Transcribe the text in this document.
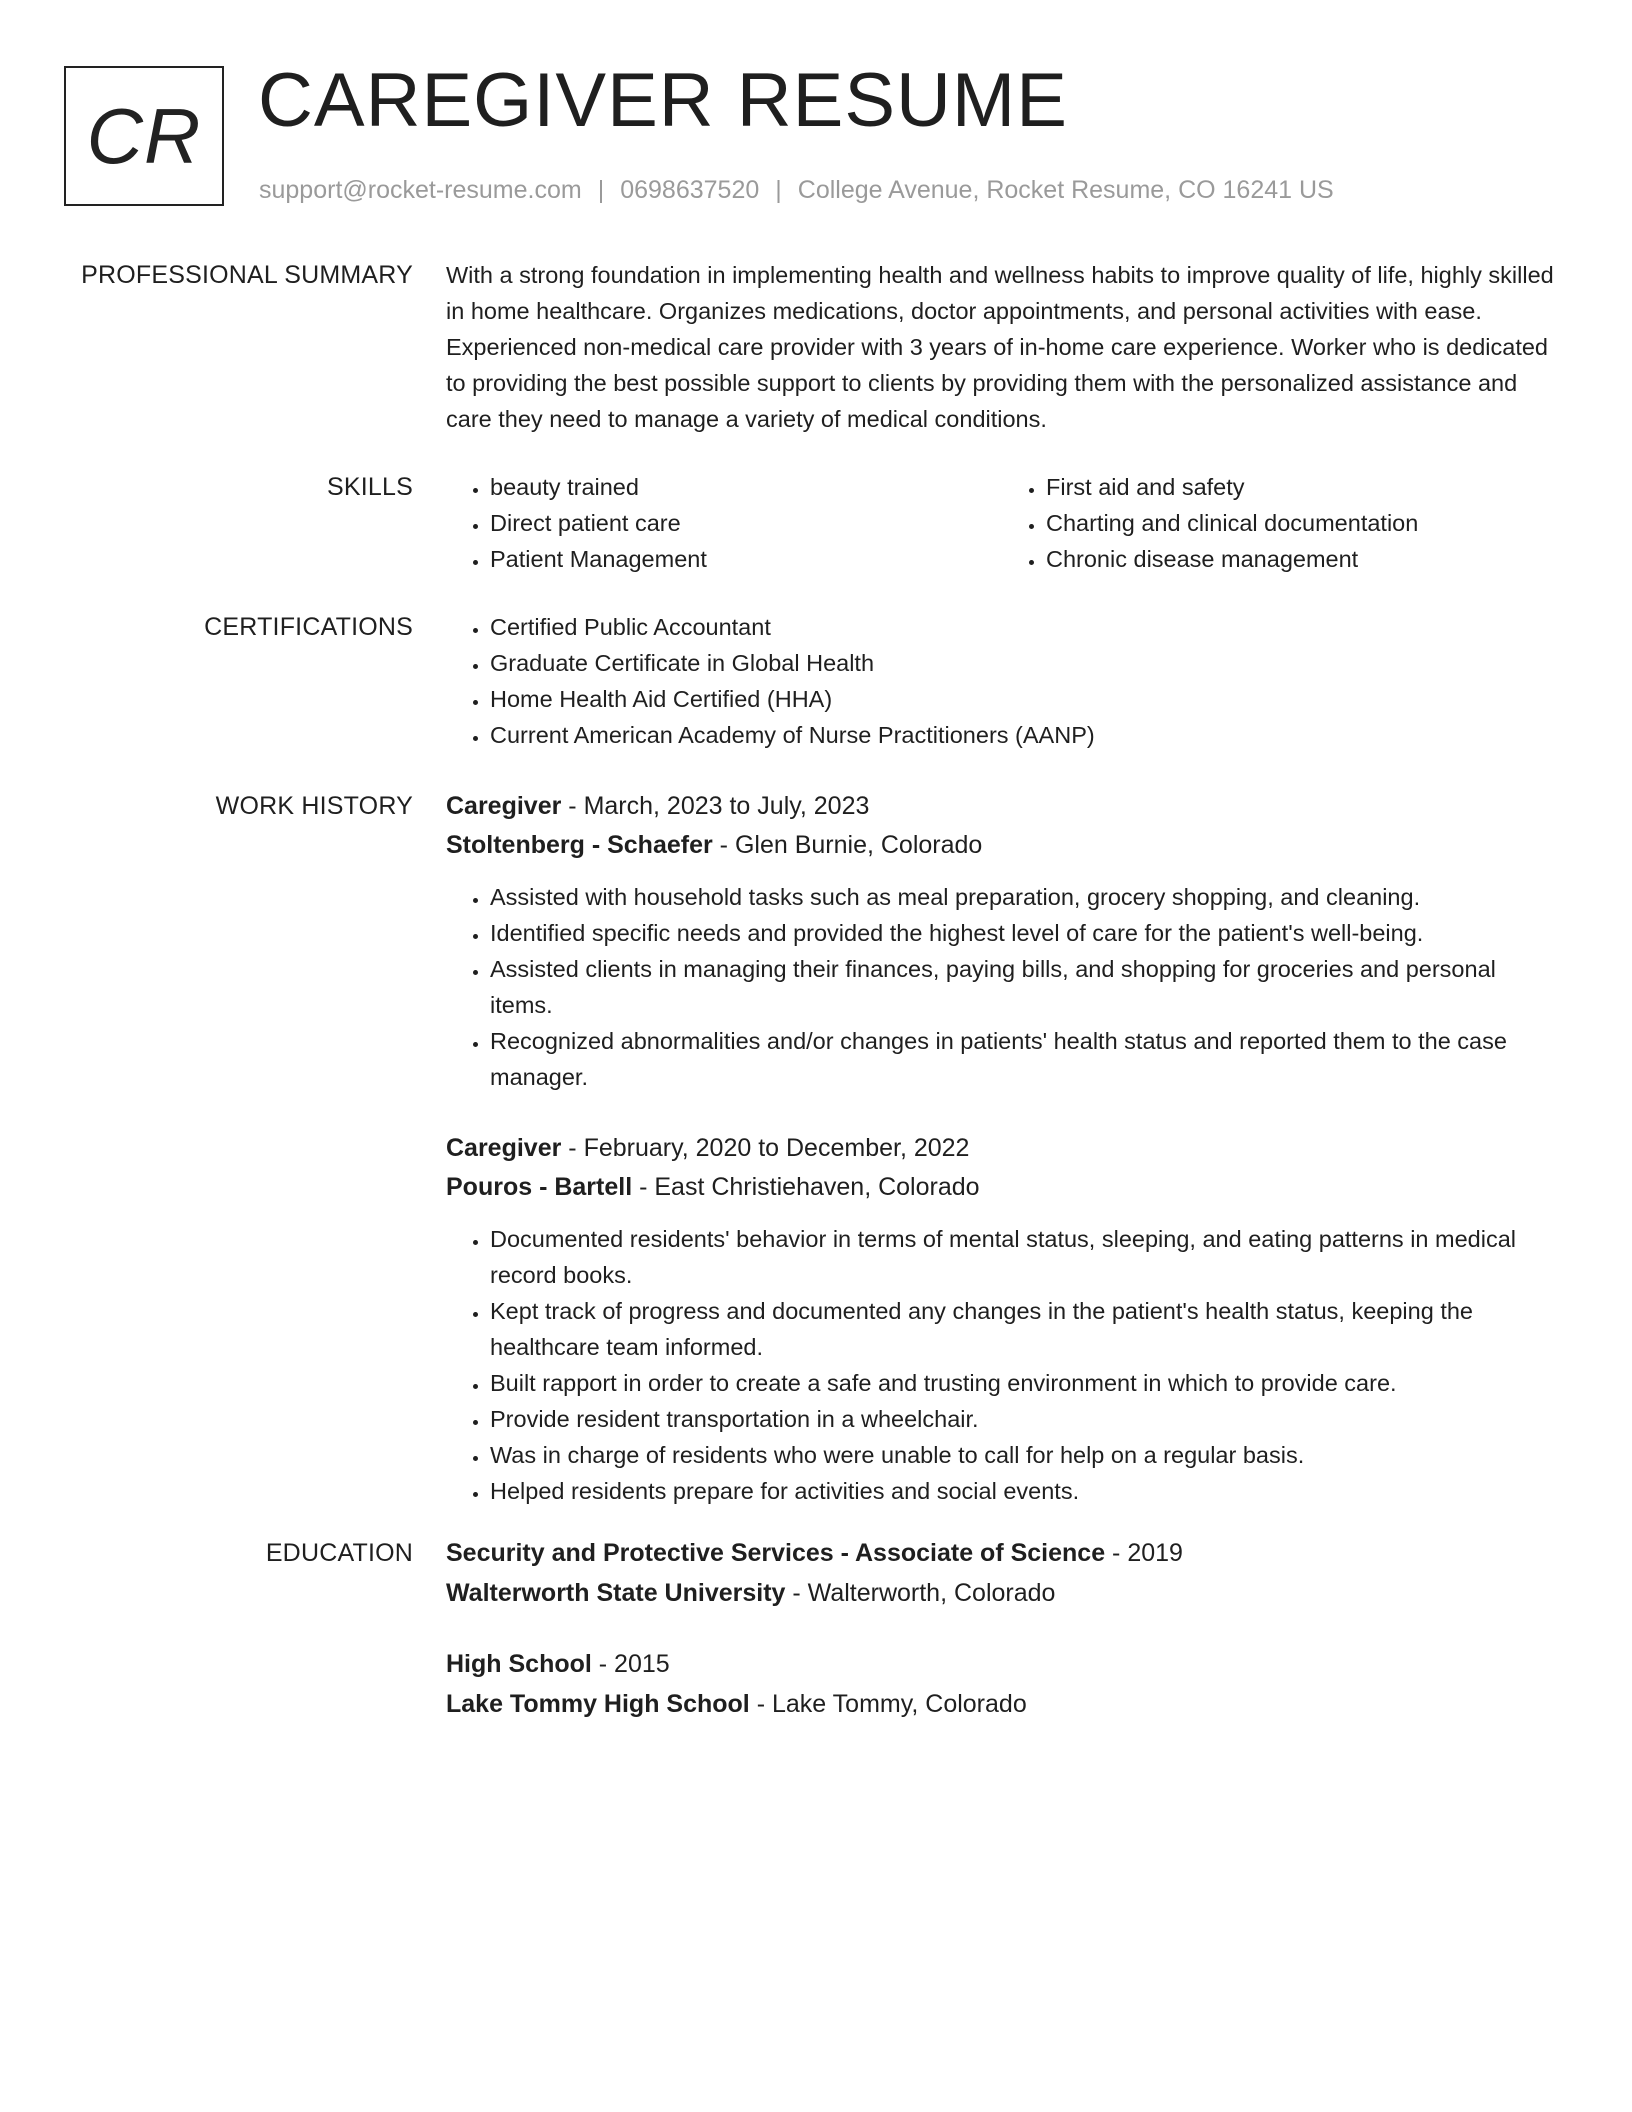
CR CAREGIVER RESUME
support@rocket-resume.com | 0698637520 | College Avenue, Rocket Resume, CO 16241 US
PROFESSIONAL SUMMARY With a strong foundation in implementing health and wellness habits to improve quality of life, highly skilled in home healthcare. Organizes medications, doctor appointments, and personal activities with ease. Experienced non-medical care provider with 3 years of in-home care experience. Worker who is dedicated to providing the best possible support to clients by providing them with the personalized assistance and care they need to manage a variety of medical conditions.

SKILLS	• beauty trained
• Direct patient care
• Patient Management
• First aid and safety
• Charting and clinical documentation
• Chronic disease management
CERTIFICATIONS	• Certified Public Accountant
• Graduate Certificate in Global Health
• Home Health Aid Certified (HHA)
• Current American Academy of Nurse Practitioners (AANP)
WORK HISTORY Caregiver - March, 2023 to July, 2023
Stoltenberg - Schaefer - Glen Burnie, Colorado
• Assisted with household tasks such as meal preparation, grocery shopping, and cleaning.
• Identified specific needs and provided the highest level of care for the patient's well-being.
• Assisted clients in managing their finances, paying bills, and shopping for groceries and personal items.
• Recognized abnormalities and/or changes in patients' health status and reported them to the case manager.
Caregiver - February, 2020 to December, 2022
Pouros - Bartell - East Christiehaven, Colorado
• Documented residents' behavior in terms of mental status, sleeping, and eating patterns in medical record books.
• Kept track of progress and documented any changes in the patient's health status, keeping the healthcare team informed.
• Built rapport in order to create a safe and trusting environment in which to provide care.
• Provide resident transportation in a wheelchair.
• Was in charge of residents who were unable to call for help on a regular basis.
• Helped residents prepare for activities and social events.
EDUCATION Security and Protective Services - Associate of Science - 2019
Walterworth State University - Walterworth, Colorado
High School - 2015
Lake Tommy High School - Lake Tommy, Colorado
